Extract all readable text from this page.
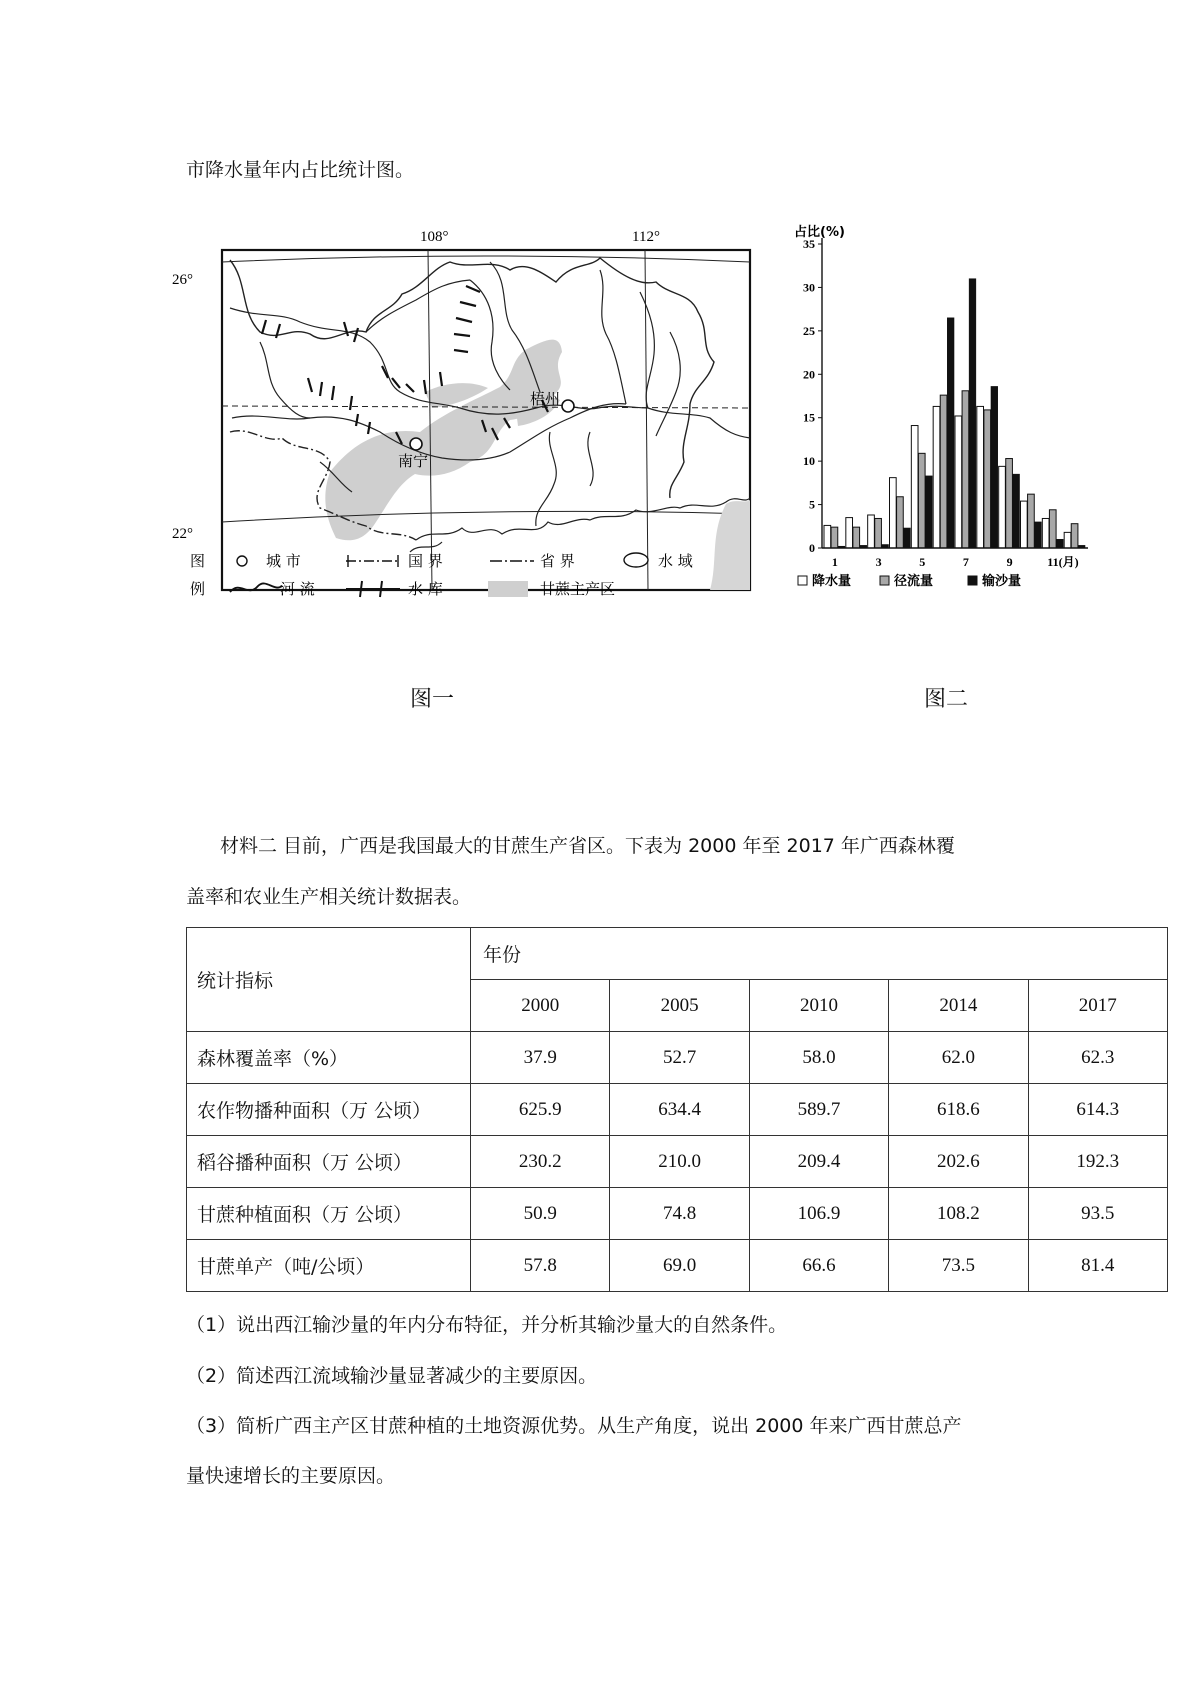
市降水量年内占比统计图。
108°	112°
26°
22°
梧州
南宁
图
例
城 市	国 界	省 界	水 域
河 流	水 库	甘蔗主产区
图一
占比(%)
0
5
10
15
20
25
30
35
1	3	5	7	9	11(月)
降水量	径流量	输沙量
图二
材料二 目前，广西是我国最大的甘蔗生产省区。下表为 2000 年至 2017 年广西森林覆
盖率和农业生产相关统计数据表。
统计指标	年份				
	2000	2005	2010	2014	2017
森林覆盖率（%）	37.9	52.7	58.0	62.0	62.3
农作物播种面积（万 公顷）	625.9	634.4	589.7	618.6	614.3
稻谷播种面积（万 公顷）	230.2	210.0	209.4	202.6	192.3
甘蔗种植面积（万 公顷）	50.9	74.8	106.9	108.2	93.5
甘蔗单产（吨/公顷）	57.8	69.0	66.6	73.5	81.4
（1）说出西江输沙量的年内分布特征，并分析其输沙量大的自然条件。
（2）简述西江流域输沙量显著减少的主要原因。
（3）简析广西主产区甘蔗种植的土地资源优势。从生产角度，说出 2000 年来广西甘蔗总产
量快速增长的主要原因。
